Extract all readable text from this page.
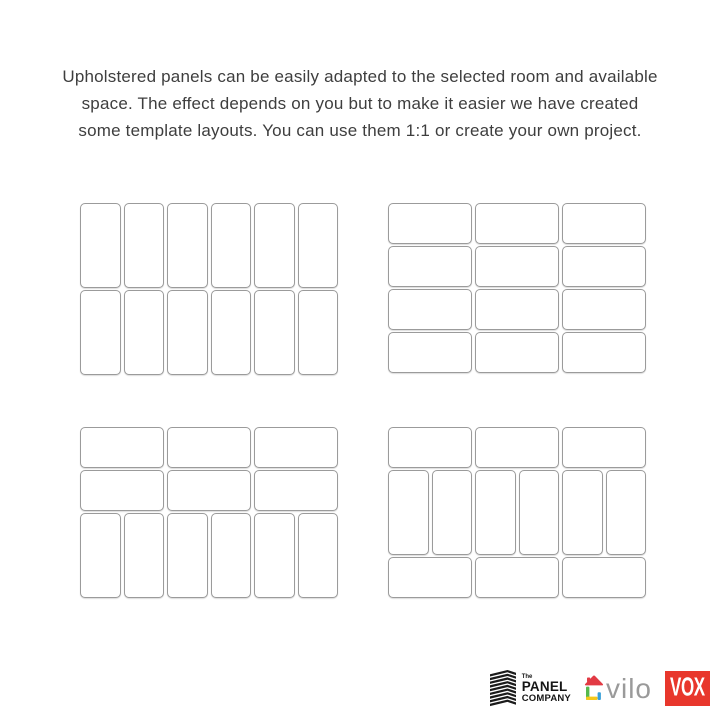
Upholstered panels can be easily adapted to the selected room and available
space. The effect depends on you but to make it easier we have created
some template layouts. You can use them 1:1 or create your own project.
The
PANEL
COMPANY vilo VOX
